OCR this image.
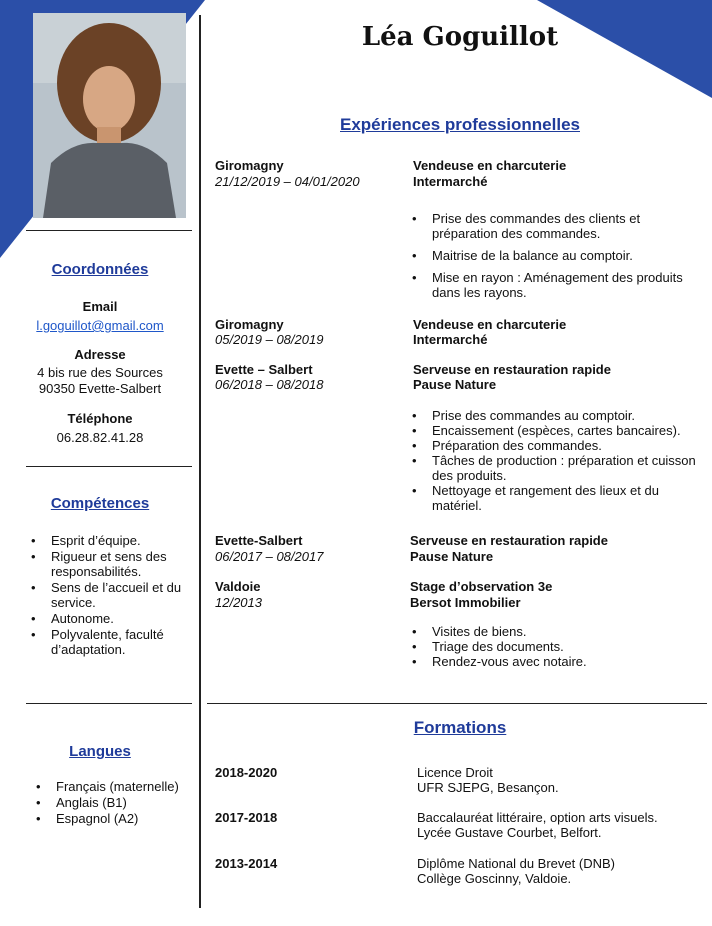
Léa Goguillot
Coordonnées
Email
l.goguillot@gmail.com
Adresse
4 bis rue des Sources
90350 Evette-Salbert
Téléphone
06.28.82.41.28
Compétences
• Esprit d’équipe.
• Rigueur et sens des
responsabilités.
• Sens de l’accueil et du
service.
• Autonome.
• Polyvalente, faculté
d’adaptation.
Langues
• Français (maternelle)
• Anglais (B1)
• Espagnol (A2)
Expériences professionnelles
Giromagny
21/12/2019 – 04/01/2020
Vendeuse en charcuterie
Intermarché
• Prise des commandes des clients et
préparation des commandes.
• Maitrise de la balance au comptoir.
• Mise en rayon : Aménagement des produits
dans les rayons.
Giromagny
05/2019 – 08/2019
Vendeuse en charcuterie
Intermarché
Evette – Salbert
06/2018 – 08/2018
Serveuse en restauration rapide
Pause Nature
• Prise des commandes au comptoir.
• Encaissement (espèces, cartes bancaires).
• Préparation des commandes.
• Tâches de production : préparation et cuisson
des produits.
• Nettoyage et rangement des lieux et du
matériel.
Evette-Salbert
06/2017 – 08/2017
Serveuse en restauration rapide
Pause Nature
Valdoie
12/2013
Stage d’observation 3e
Bersot Immobilier
• Visites de biens.
• Triage des documents.
• Rendez-vous avec notaire.
Formations
2018-2020	Licence Droit
UFR SJEPG, Besançon.
2017-2018	Baccalauréat littéraire, option arts visuels.
Lycée Gustave Courbet, Belfort.
2013-2014	Diplôme National du Brevet (DNB)
Collège Goscinny, Valdoie.
